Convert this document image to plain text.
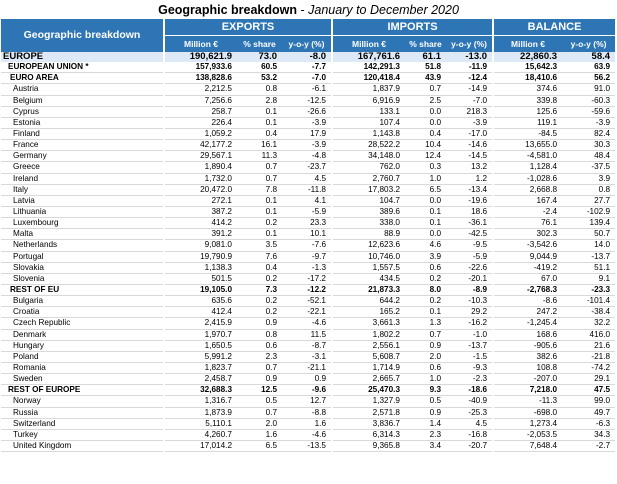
Geographic breakdown - January to December 2020
Geographic breakdown	EXPORTS			IMPORTS			BALANCE	
	Million €	% share	y-o-y (%)	Million €	% share	y-o-y (%)	Million €	y-o-y (%)
EUROPE	190,621.9	73.0	-8.0	167,761.6	61.1	-13.0	22,860.3	58.4
EUROPEAN UNION *	157,933.6	60.5	-7.7	142,291.3	51.8	-11.9	15,642.3	63.9
EURO AREA	138,828.6	53.2	-7.0	120,418.4	43.9	-12.4	18,410.6	56.2
Austria	2,212.5	0.8	-6.1	1,837.9	0.7	-14.9	374.6	91.0
Belgium	7,256.6	2.8	-12.5	6,916.9	2.5	-7.0	339.8	-60.3
Cyprus	258.7	0.1	-26.6	133.1	0.0	218.3	125.6	-59.6
Estonia	226.4	0.1	-3.9	107.4	0.0	-3.9	119.1	-3.9
Finland	1,059.2	0.4	17.9	1,143.8	0.4	-17.0	-84.5	82.4
France	42,177.2	16.1	-3.9	28,522.2	10.4	-14.6	13,655.0	30.3
Germany	29,567.1	11.3	-4.8	34,148.0	12.4	-14.5	-4,581.0	48.4
Greece	1,890.4	0.7	-23.7	762.0	0.3	13.2	1,128.4	-37.5
Ireland	1,732.0	0.7	4.5	2,760.7	1.0	1.2	-1,028.6	3.9
Italy	20,472.0	7.8	-11.8	17,803.2	6.5	-13.4	2,668.8	0.8
Latvia	272.1	0.1	4.1	104.7	0.0	-19.6	167.4	27.7
Lithuania	387.2	0.1	-5.9	389.6	0.1	18.6	-2.4	-102.9
Luxembourg	414.2	0.2	23.3	338.0	0.1	-36.1	76.1	139.4
Malta	391.2	0.1	10.1	88.9	0.0	-42.5	302.3	50.7
Netherlands	9,081.0	3.5	-7.6	12,623.6	4.6	-9.5	-3,542.6	14.0
Portugal	19,790.9	7.6	-9.7	10,746.0	3.9	-5.9	9,044.9	-13.7
Slovakia	1,138.3	0.4	-1.3	1,557.5	0.6	-22.6	-419.2	51.1
Slovenia	501.5	0.2	-17.2	434.5	0.2	-20.1	67.0	9.1
REST OF EU	19,105.0	7.3	-12.2	21,873.3	8.0	-8.9	-2,768.3	-23.3
Bulgaria	635.6	0.2	-52.1	644.2	0.2	-10.3	-8.6	-101.4
Croatia	412.4	0.2	-22.1	165.2	0.1	29.2	247.2	-38.4
Czech Republic	2,415.9	0.9	-4.6	3,661.3	1.3	-16.2	-1,245.4	32.2
Denmark	1,970.7	0.8	11.5	1,802.2	0.7	-1.0	168.6	416.0
Hungary	1,650.5	0.6	-8.7	2,556.1	0.9	-13.7	-905.6	21.6
Poland	5,991.2	2.3	-3.1	5,608.7	2.0	-1.5	382.6	-21.8
Romania	1,823.7	0.7	-21.1	1,714.9	0.6	-9.3	108.8	-74.2
Sweden	2,458.7	0.9	0.9	2,665.7	1.0	-2.3	-207.0	29.1
REST OF EUROPE	32,688.3	12.5	-9.6	25,470.3	9.3	-18.6	7,218.0	47.5
Norway	1,316.7	0.5	12.7	1,327.9	0.5	-40.9	-11.3	99.0
Russia	1,873.9	0.7	-8.8	2,571.8	0.9	-25.3	-698.0	49.7
Switzerland	5,110.1	2.0	1.6	3,836.7	1.4	4.5	1,273.4	-6.3
Turkey	4,260.7	1.6	-4.6	6,314.3	2.3	-16.8	-2,053.5	34.3
United Kingdom	17,014.2	6.5	-13.5	9,365.8	3.4	-20.7	7,648.4	-2.7
